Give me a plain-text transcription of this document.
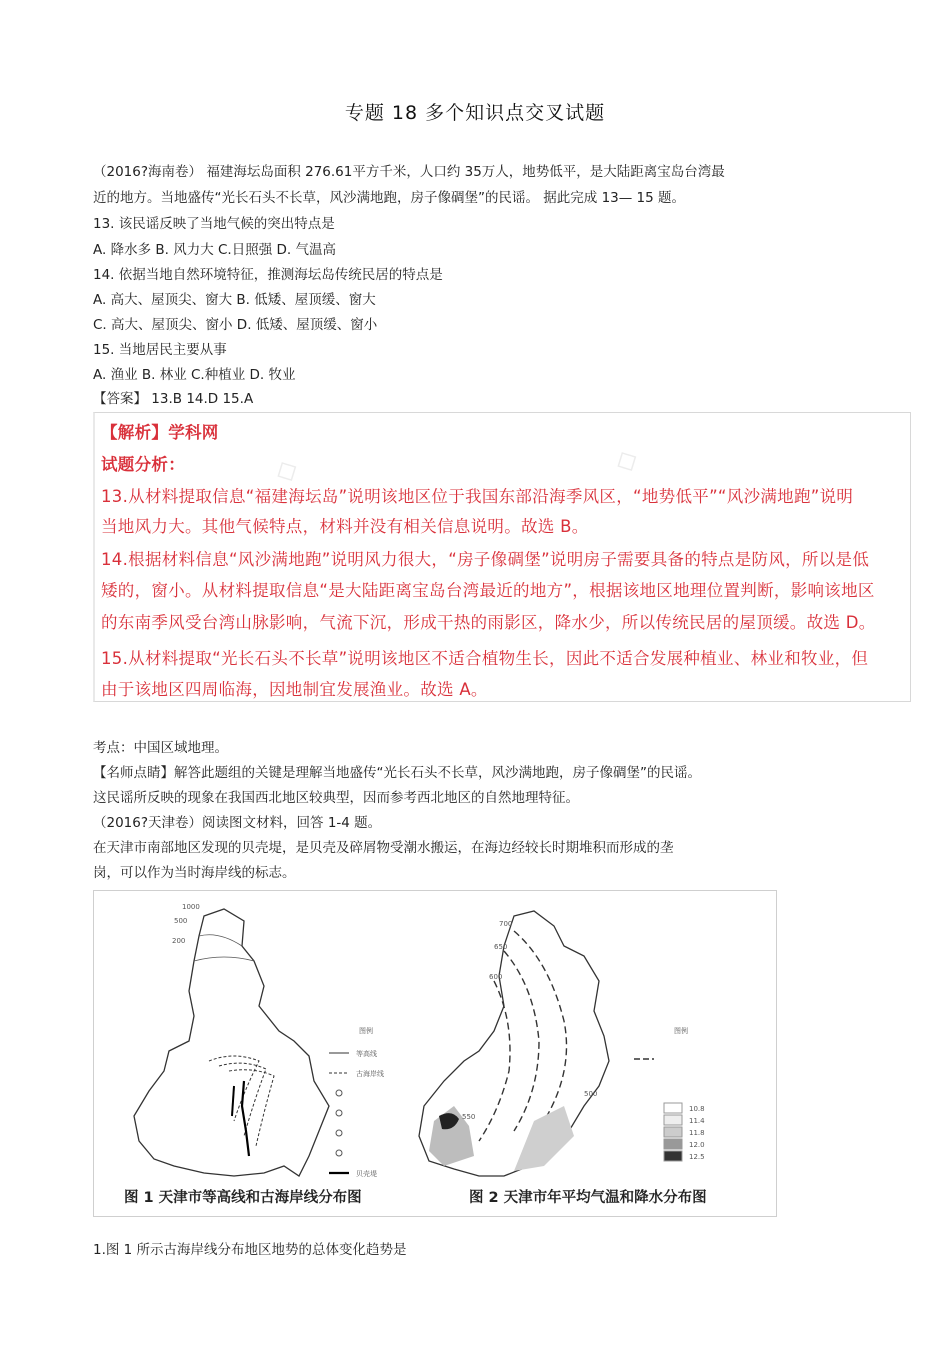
专题 18 多个知识点交叉试题
（2016?海南卷） 福建海坛岛面积 276.61平方千米，人口约 35万人，地势低平，是大陆距离宝岛台湾最
近的地方。当地盛传“光长石头不长草，风沙满地跑，房子像碉堡”的民谣。 据此完成 13— 15 题。
13. 该民谣反映了当地气候的突出特点是
A. 降水多 B. 风力大 C.日照强 D. 气温高
14. 依据当地自然环境特征，推测海坛岛传统民居的特点是
A. 高大、屋顶尖、窗大 B. 低矮、屋顶缓、窗大
C. 高大、屋顶尖、窗小 D. 低矮、屋顶缓、窗小
15. 当地居民主要从事
A. 渔业 B. 林业 C.种植业 D. 牧业
【答案】 13.B 14.D 15.A
◇	◇
【解析】学科网
试题分析：
13.从材料提取信息“福建海坛岛”说明该地区位于我国东部沿海季风区，“地势低平”“风沙满地跑”说明
当地风力大。其他气候特点，材料并没有相关信息说明。故选 B。
14.根据材料信息“风沙满地跑”说明风力很大，“房子像碉堡”说明房子需要具备的特点是防风，所以是低
矮的，窗小。从材料提取信息“是大陆距离宝岛台湾最近的地方”，根据该地区地理位置判断，影响该地区
的东南季风受台湾山脉影响，气流下沉，形成干热的雨影区，降水少，所以传统民居的屋顶缓。故选 D。
15.从材料提取“光长石头不长草”说明该地区不适合植物生长，因此不适合发展种植业、林业和牧业，但
由于该地区四周临海，因地制宜发展渔业。故选 A。
考点：中国区域地理。
【名师点睛】解答此题组的关键是理解当地盛传“光长石头不长草，风沙满地跑，房子像碉堡”的民谣。
这民谣所反映的现象在我国西北地区较典型，因而参考西北地区的自然地理特征。
（2016?天津卷）阅读图文材料，回答 1-4 题。
在天津市南部地区发现的贝壳堤，是贝壳及碎屑物受潮水搬运，在海边经较长时期堆积而形成的垄
岗，可以作为当时海岸线的标志。
1000
500
200
图例
等高线
古海岸线
贝壳堤
700
650
600
550
500
图例
10.8
11.4
11.8
12.0
12.5
图 1 天津市等高线和古海岸线分布图	图 2 天津市年平均气温和降水分布图
1.图 1 所示古海岸线分布地区地势的总体变化趋势是
